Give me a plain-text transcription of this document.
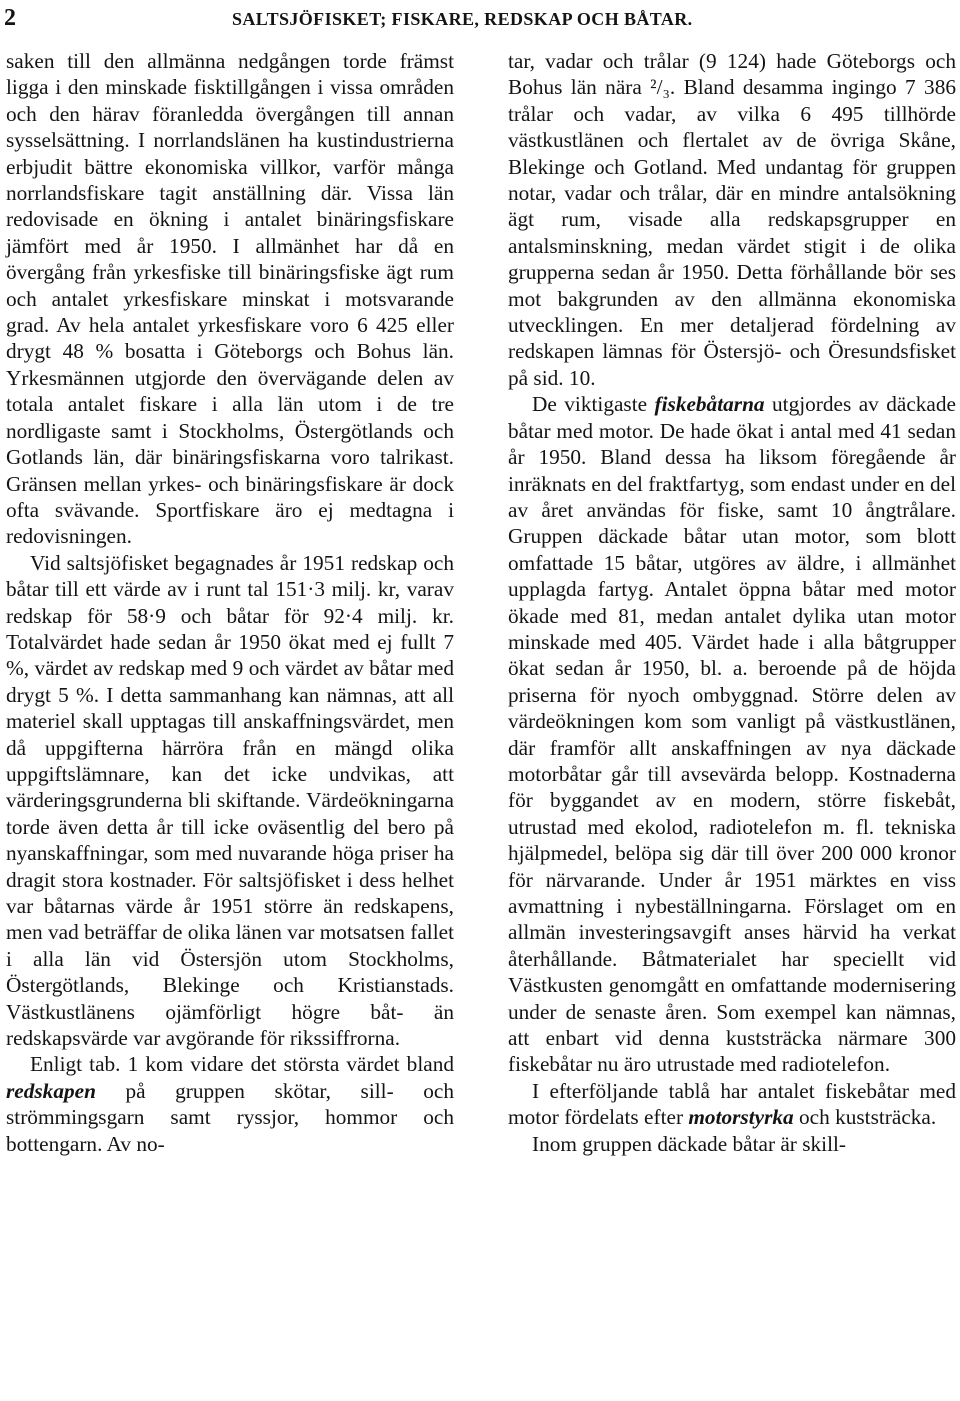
2	SALTSJÖFISKET; FISKARE, REDSKAP OCH BÅTAR.

saken till den allmänna nedgången torde främst ligga i den minskade fisktillgången i vissa områden och den härav föranledda övergången till annan sysselsättning. I norrlandslänen ha kustindustrierna erbjudit bättre ekonomiska villkor, varför många norrlandsfiskare tagit anställning där. Vissa län redovisade en ökning i antalet binäringsfiskare jämfört med år 1950. I allmänhet har då en övergång från yrkesfiske till binäringsfiske ägt rum och antalet yrkesfiskare minskat i motsvarande grad. Av hela antalet yrkesfiskare voro 6 425 eller drygt 48 % bosatta i Göteborgs och Bohus län. Yrkesmännen utgjorde den övervägande delen av totala antalet fiskare i alla län utom i de tre nordligaste samt i Stockholms, Östergötlands och Gotlands län, där binäringsfiskarna voro talrikast. Gränsen mellan yrkes- och binäringsfiskare är dock ofta svävande. Sportfiskare äro ej medtagna i redovisningen.

Vid saltsjöfisket begagnades år 1951 redskap och båtar till ett värde av i runt tal 151·3 milj. kr, varav redskap för 58·9 och båtar för 92·4 milj. kr. Totalvärdet hade sedan år 1950 ökat med ej fullt 7 %, värdet av redskap med 9 och värdet av båtar med drygt 5 %. I detta sammanhang kan nämnas, att all materiel skall upptagas till anskaffningsvärdet, men då uppgifterna härröra från en mängd olika uppgiftslämnare, kan det icke undvikas, att värderingsgrunderna bli skiftande. Värdeökningarna torde även detta år till icke oväsentlig del bero på nyanskaffningar, som med nuvarande höga priser ha dragit stora kostnader. För saltsjöfisket i dess helhet var båtarnas värde år 1951 större än redskapens, men vad beträffar de olika länen var motsatsen fallet i alla län vid Östersjön utom Stockholms, Östergötlands, Blekinge och Kristianstads. Västkustlänens ojämförligt högre båt- än redskapsvärde var avgörande för rikssiffrorna.

Enligt tab. 1 kom vidare det största värdet bland redskapen på gruppen skötar, sill- och strömmingsgarn samt ryssjor, hommor och bottengarn. Av no-

tar, vadar och trålar (9 124) hade Göteborgs och Bohus län nära ²/₃. Bland desamma ingingo 7 386 trålar och vadar, av vilka 6 495 tillhörde västkustlänen och flertalet av de övriga Skåne, Blekinge och Gotland. Med undantag för gruppen notar, vadar och trålar, där en mindre antalsökning ägt rum, visade alla redskapsgrupper en antalsminskning, medan värdet stigit i de olika grupperna sedan år 1950. Detta förhållande bör ses mot bakgrunden av den allmänna ekonomiska utvecklingen. En mer detaljerad fördelning av redskapen lämnas för Östersjö- och Öresundsfisket på sid. 10.

De viktigaste fiskebåtarna utgjordes av däckade båtar med motor. De hade ökat i antal med 41 sedan år 1950. Bland dessa ha liksom föregående år inräknats en del fraktfartyg, som endast under en del av året användas för fiske, samt 10 ångtrålare. Gruppen däckade båtar utan motor, som blott omfattade 15 båtar, utgöres av äldre, i allmänhet upplagda fartyg. Antalet öppna båtar med motor ökade med 81, medan antalet dylika utan motor minskade med 405. Värdet hade i alla båtgrupper ökat sedan år 1950, bl. a. beroende på de höjda priserna för nyoch ombyggnad. Större delen av värdeökningen kom som vanligt på västkustlänen, där framför allt anskaffningen av nya däckade motorbåtar går till avsevärda belopp. Kostnaderna för byggandet av en modern, större fiskebåt, utrustad med ekolod, radiotelefon m. fl. tekniska hjälpmedel, belöpa sig där till över 200 000 kronor för närvarande. Under år 1951 märktes en viss avmattning i nybeställningarna. Förslaget om en allmän investeringsavgift anses härvid ha verkat återhållande. Båtmaterialet har speciellt vid Västkusten genomgått en omfattande modernisering under de senaste åren. Som exempel kan nämnas, att enbart vid denna kuststräcka närmare 300 fiskebåtar nu äro utrustade med radiotelefon.

I efterföljande tablå har antalet fiskebåtar med motor fördelats efter motorstyrka och kuststräcka.

Inom gruppen däckade båtar är skill-
